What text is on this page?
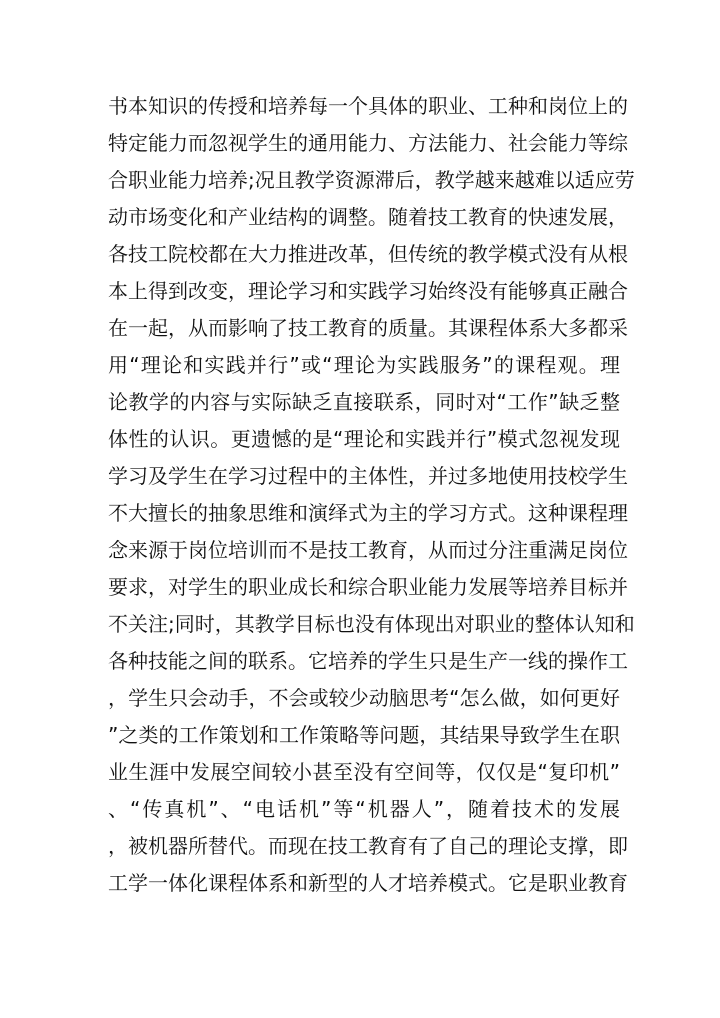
书本知识的传授和培养每一个具体的职业、工种和岗位上的
特定能力而忽视学生的通用能力、方法能力、社会能力等综
合职业能力培养;况且教学资源滞后，教学越来越难以适应劳
动市场变化和产业结构的调整。随着技工教育的快速发展，
各技工院校都在大力推进改革，但传统的教学模式没有从根
本上得到改变，理论学习和实践学习始终没有能够真正融合
在一起，从而影响了技工教育的质量。其课程体系大多都采
用“理论和实践并行”或“理论为实践服务”的课程观。理
论教学的内容与实际缺乏直接联系，同时对“工作”缺乏整
体性的认识。更遗憾的是“理论和实践并行”模式忽视发现
学习及学生在学习过程中的主体性，并过多地使用技校学生
不大擅长的抽象思维和演绎式为主的学习方式。这种课程理
念来源于岗位培训而不是技工教育，从而过分注重满足岗位
要求，对学生的职业成长和综合职业能力发展等培养目标并
不关注;同时，其教学目标也没有体现出对职业的整体认知和
各种技能之间的联系。它培养的学生只是生产一线的操作工
，学生只会动手，不会或较少动脑思考“怎么做，如何更好
”之类的工作策划和工作策略等问题，其结果导致学生在职
业生涯中发展空间较小甚至没有空间等，仅仅是“复印机”
、“传真机”、“电话机”等“机器人”，随着技术的发展
，被机器所替代。而现在技工教育有了自己的理论支撑，即
工学一体化课程体系和新型的人才培养模式。它是职业教育
